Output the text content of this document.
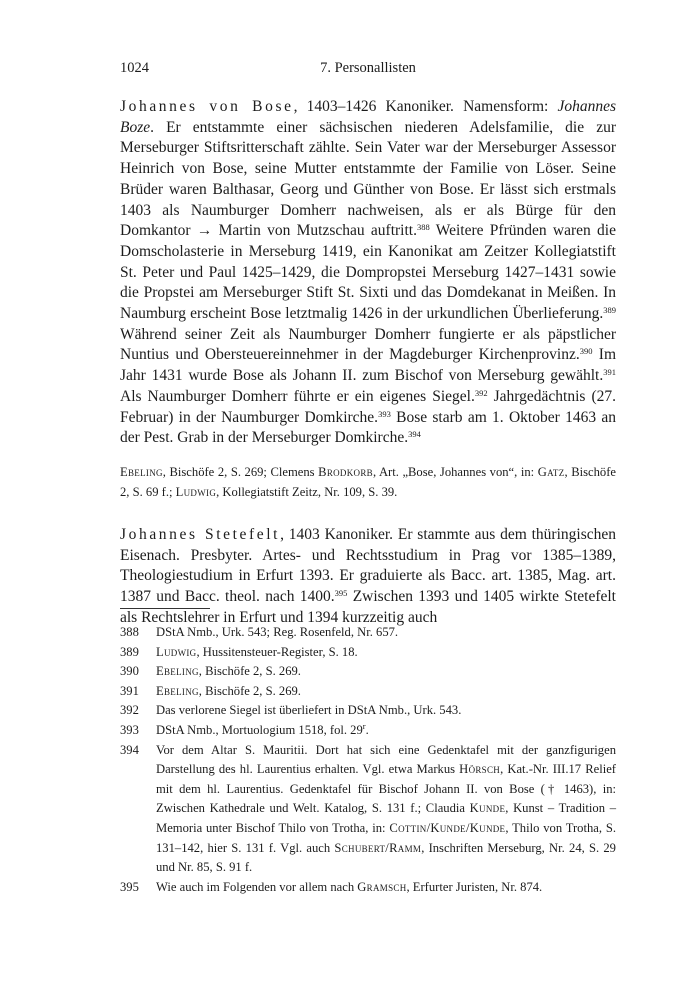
1024	7. Personallisten

Johannes von Bose, 1403–1426 Kanoniker. Namensform: Johannes Boze. Er entstammte einer sächsischen niederen Adelsfamilie, die zur Merseburger Stiftsritterschaft zählte. Sein Vater war der Merseburger Assessor Heinrich von Bose, seine Mutter entstammte der Familie von Löser. Seine Brüder waren Balthasar, Georg und Günther von Bose. Er lässt sich erstmals 1403 als Naumburger Domherr nachweisen, als er als Bürge für den Domkantor → Martin von Mutzschau auftritt.$^{388}$ Weitere Pfründen waren die Domscholasterie in Merseburg 1419, ein Kanonikat am Zeitzer Kollegiatstift St. Peter und Paul 1425–1429, die Dompropstei Merseburg 1427–1431 sowie die Propstei am Merseburger Stift St. Sixti und das Domdekanat in Meißen. In Naumburg erscheint Bose letztmalig 1426 in der urkundlichen Überlieferung.$^{389}$ Während seiner Zeit als Naumburger Domherr fungierte er als päpstlicher Nuntius und Obersteuereinnehmer in der Magdeburger Kirchenprovinz.$^{390}$ Im Jahr 1431 wurde Bose als Johann II. zum Bischof von Merseburg gewählt.$^{391}$ Als Naumburger Domherr führte er ein eigenes Siegel.$^{392}$ Jahrgedächtnis (27. Februar) in der Naumburger Domkirche.$^{393}$ Bose starb am 1. Oktober 1463 an der Pest. Grab in der Merseburger Domkirche.$^{394}$

Ebeling, Bischöfe 2, S. 269; Clemens Brodkorb, Art. „Bose, Johannes von“, in: Gatz, Bischöfe 2, S. 69 f.; Ludwig, Kollegiatstift Zeitz, Nr. 109, S. 39.

Johannes Stetefelt, 1403 Kanoniker. Er stammte aus dem thüringischen Eisenach. Presbyter. Artes- und Rechtsstudium in Prag vor 1385–1389, Theologiestudium in Erfurt 1393. Er graduierte als Bacc. art. 1385, Mag. art. 1387 und Bacc. theol. nach 1400.$^{395}$ Zwischen 1393 und 1405 wirkte Stetefelt als Rechtslehrer in Erfurt und 1394 kurzzeitig auch

388 DStA Nmb., Urk. 543; Reg. Rosenfeld, Nr. 657.
389 Ludwig, Hussitensteuer-Register, S. 18.
390 Ebeling, Bischöfe 2, S. 269.
391 Ebeling, Bischöfe 2, S. 269.
392 Das verlorene Siegel ist überliefert in DStA Nmb., Urk. 543.
393 DStA Nmb., Mortuologium 1518, fol. 29$^r$.
394 Vor dem Altar S. Mauritii. Dort hat sich eine Gedenktafel mit der ganzfigurigen Darstellung des hl. Laurentius erhalten. Vgl. etwa Markus Hörsch, Kat.-Nr. III.17 Relief mit dem hl. Laurentius. Gedenktafel für Bischof Johann II. von Bose († 1463), in: Zwischen Kathedrale und Welt. Katalog, S. 131 f.; Claudia Kunde, Kunst – Tradition – Memoria unter Bischof Thilo von Trotha, in: Cottin/Kunde/Kunde, Thilo von Trotha, S. 131–142, hier S. 131 f. Vgl. auch Schubert/Ramm, Inschriften Merseburg, Nr. 24, S. 29 und Nr. 85, S. 91 f.
395 Wie auch im Folgenden vor allem nach Gramsch, Erfurter Juristen, Nr. 874.
